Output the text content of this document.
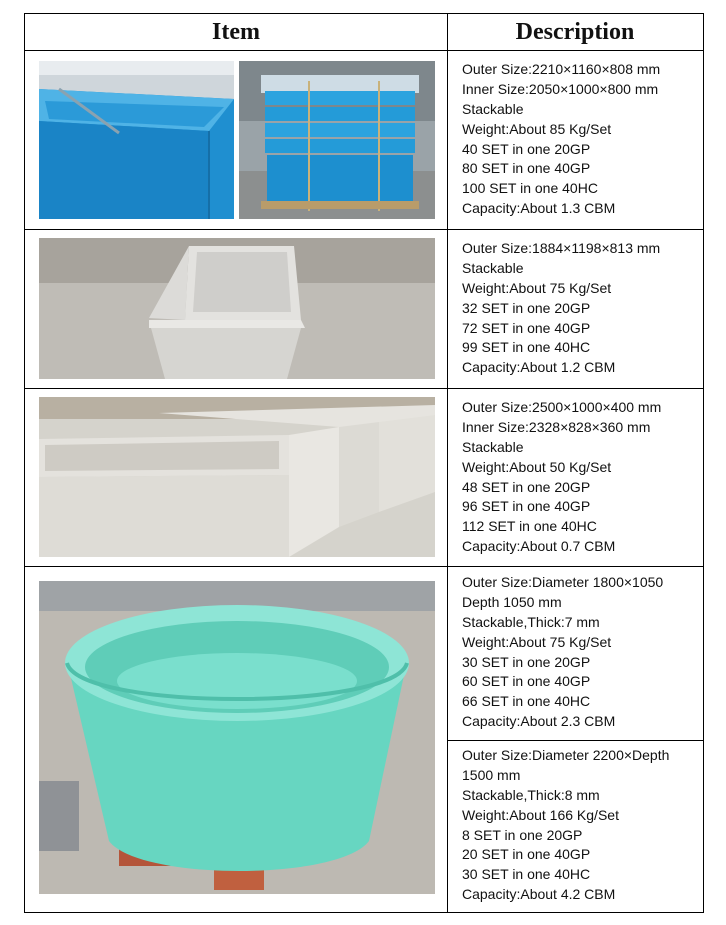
Item	Description
Outer Size:2210×1160×808 mm
Inner Size:2050×1000×800 mm
Stackable
Weight:About 85 Kg/Set
40 SET in one 20GP
80 SET in one 40GP
100 SET in one 40HC
Capacity:About 1.3 CBM
Outer Size:1884×1198×813 mm
Stackable
Weight:About 75 Kg/Set
32 SET in one 20GP
72 SET in one 40GP
99 SET in one 40HC
Capacity:About 1.2 CBM
Outer Size:2500×1000×400 mm
Inner Size:2328×828×360 mm
Stackable
Weight:About 50 Kg/Set
48 SET in one 20GP
96 SET in one 40GP
112 SET in one 40HC
Capacity:About 0.7 CBM
Outer Size:Diameter 1800×1050
Depth 1050 mm
Stackable,Thick:7 mm
Weight:About 75 Kg/Set
30 SET in one 20GP
60 SET in one 40GP
66 SET in one 40HC
Capacity:About 2.3 CBM
Outer Size:Diameter 2200×Depth
1500 mm
Stackable,Thick:8 mm
Weight:About 166 Kg/Set
8 SET in one 20GP
20 SET in one 40GP
30 SET in one 40HC
Capacity:About 4.2 CBM
